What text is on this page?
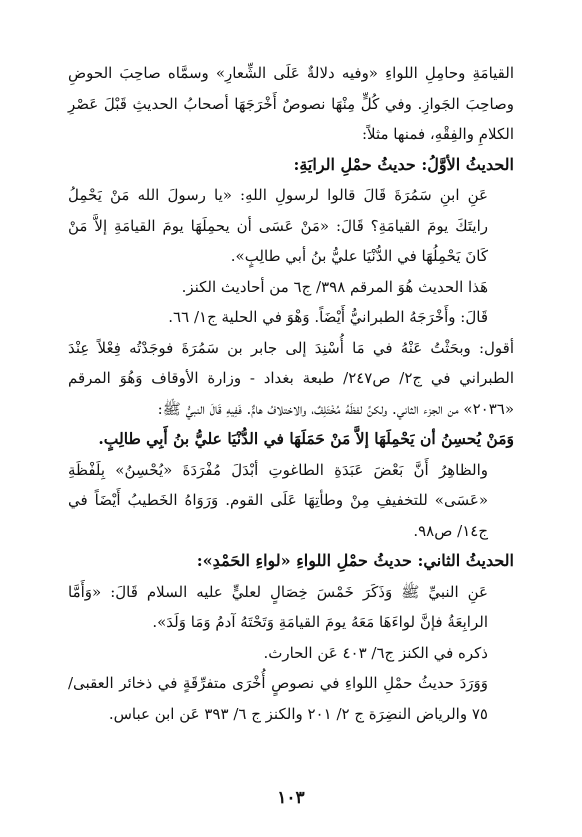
القيامَةِ وحامِلِ اللواءِ «وفيه دلالةٌ عَلَى الشِّعارِ» وسمَّاه صاحِبَ الحوضِ وصاحِبَ الجَوازِ. وفي كُلٍّ مِنْهَا نصوصٌ أَخْرَجَهَا أصحابُ الحديثِ قَبْلَ عَصْرِ الكلامِ والفِقْهِ، فمنها مثلاً:

الحديثُ الأوَّلُ: حديثُ حمْلِ الرايَةِ:

عَنِ ابنِ سَمُرَةَ قَالَ قالوا لرسولِ اللهِ: «يا رسولَ الله مَنْ يَحْمِلُ رايتَكَ يومَ القيامَةِ؟ قَالَ: «مَنْ عَسَى أن يحمِلَهَا يومَ القيامَةِ إلاَّ مَنْ كَانَ يَحْمِلُهَا في الدُّنْيَا عليُّ بنُ أبي طالِبٍ».

هَذا الحديث هُوَ المرقم ٣٩٨/ ج٦ من أحاديث الكنز.

قَالَ: وأَخْرَجَهُ الطبرانيُّ أَيْضَاً. وَهْوَ في الحلية ج١/ ٦٦.

أقول: وبحَثْتُ عَنْهُ في مَا أُسْنِدَ إلى جابر بن سَمُرَةَ فوجَدْتُه فِعْلاً عِنْدَ الطبراني في ج٢/ ص٢٤٧/ طبعة بغداد - وزارة الأوقاف وَهُوَ المرقم «٢٠٣٦» من الجزء الثاني. ولكنَّ لفظَهُ مُخْتَلِفٌ، والاختلافُ هامٌّ. فَفِيهِ قَالَ النبيُّ ﷺ:

وَمَنْ يُحسِنُ أن يَحْمِلَهَا إلاَّ مَنْ حَمَلَهَا في الدُّنْيَا عليُّ بنُ أَبِي طالِبٍ.

والظاهِرُ أَنَّ بَعْضَ عَبَدَةِ الطاغوتِ أبْدَلَ مُفْرَدَةَ «يُحْسِنُ» بِلَفْظَةِ «عَسَى» للتخفيفِ مِنْ وطأتِهَا عَلَى القوم. وَرَوَاهُ الخَطيبُ أَيْضَاً في ج١٤/ ص٩٨.

الحديثُ الثاني: حديثُ حمْلِ اللواءِ «لواءِ الحَمْدِ»:

عَنِ النبيِّ ﷺ وَذَكَرَ خَمْسَ خِصَالٍ لعليٍّ عليه السلام قَالَ: «وَأَمَّا الرابِعَةُ فإنَّ لواءَهَا مَعَهُ يومَ القيامَةِ وَتَحْتَهُ آدمُ وَمَا وَلَدَ».

ذكره في الكنز ج٦/ ٤٠٣ عَن الحارث.

وَوَرَدَ حديثُ حمْلِ اللواءِ في نصوصٍ أُخْرَى متفرِّقَةٍ في ذخائر العقبى/ ٧٥ والرياض النضِرَة ج ٢/ ٢٠١ والكنز ج ٦/ ٣٩٣ عَن ابن عباس.

١٠٣
